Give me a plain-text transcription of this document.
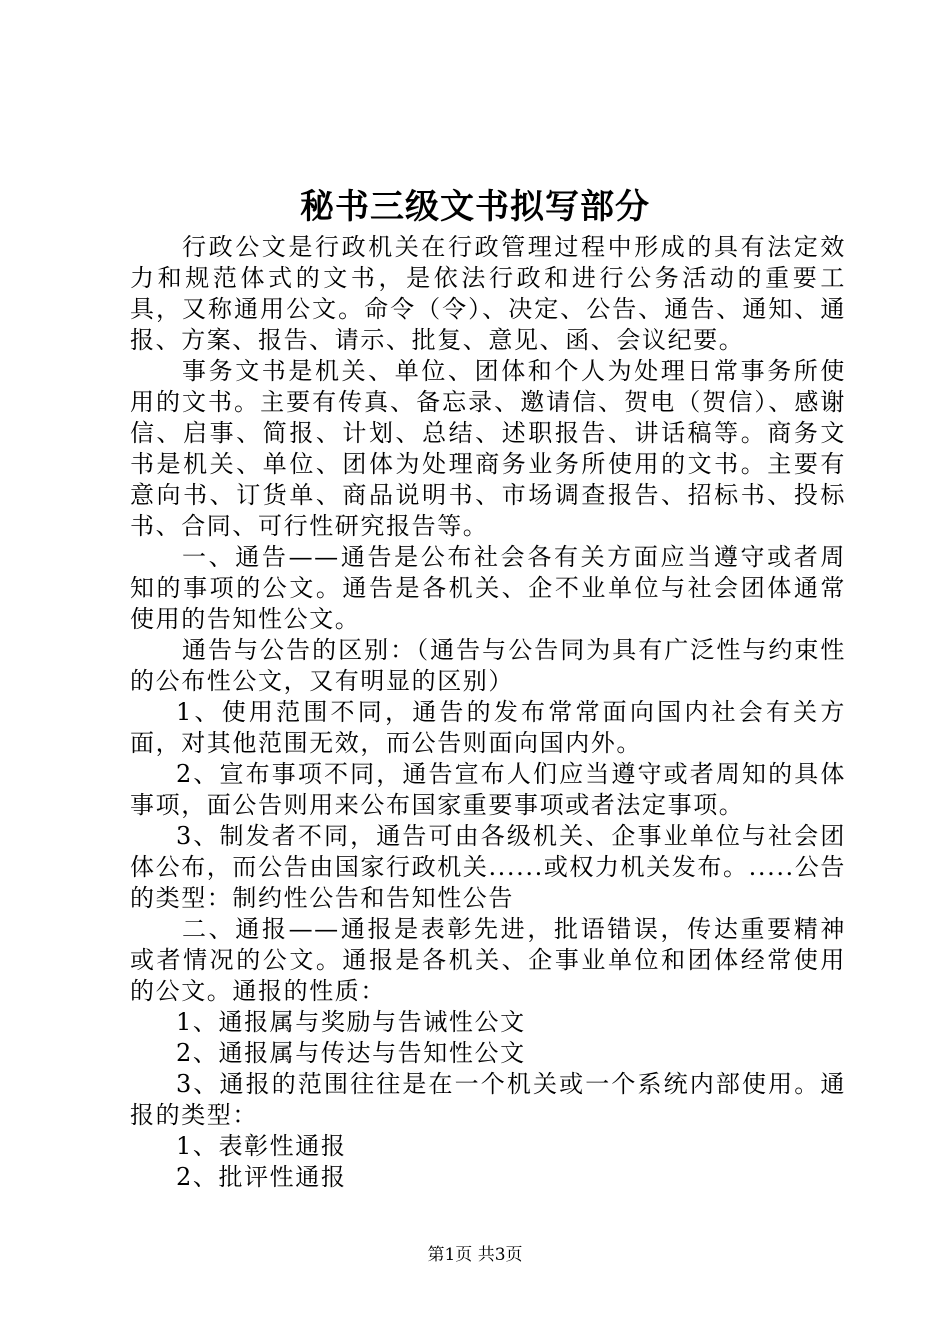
秘书三级文书拟写部分

行政公文是行政机关在行政管理过程中形成的具有法定效力和规范体式的文书，是依法行政和进行公务活动的重要工具，又称通用公文。命令（令）、决定、公告、通告、通知、通报、方案、报告、请示、批复、意见、函、会议纪要。

事务文书是机关、单位、团体和个人为处理日常事务所使用的文书。主要有传真、备忘录、邀请信、贺电（贺信）、感谢信、启事、简报、计划、总结、述职报告、讲话稿等。商务文书是机关、单位、团体为处理商务业务所使用的文书。主要有意向书、订货单、商品说明书、市场调查报告、招标书、投标书、合同、可行性研究报告等。

一、通告——通告是公布社会各有关方面应当遵守或者周知的事项的公文。通告是各机关、企不业单位与社会团体通常使用的告知性公文。

通告与公告的区别：（通告与公告同为具有广泛性与约束性的公布性公文，又有明显的区别）

1、使用范围不同，通告的发布常常面向国内社会有关方面，对其他范围无效，而公告则面向国内外。

2、宣布事项不同，通告宣布人们应当遵守或者周知的具体事项，面公告则用来公布国家重要事项或者法定事项。

3、制发者不同，通告可由各级机关、企事业单位与社会团体公布，而公告由国家行政机关......或权力机关发布。.....公告的类型：制约性公告和告知性公告

二、通报——通报是表彰先进，批语错误，传达重要精神或者情况的公文。通报是各机关、企事业单位和团体经常使用的公文。通报的性质：

1、通报属与奖励与告诫性公文

2、通报属与传达与告知性公文

3、通报的范围往往是在一个机关或一个系统内部使用。通报的类型：

1、表彰性通报

2、批评性通报

第1页 共3页
